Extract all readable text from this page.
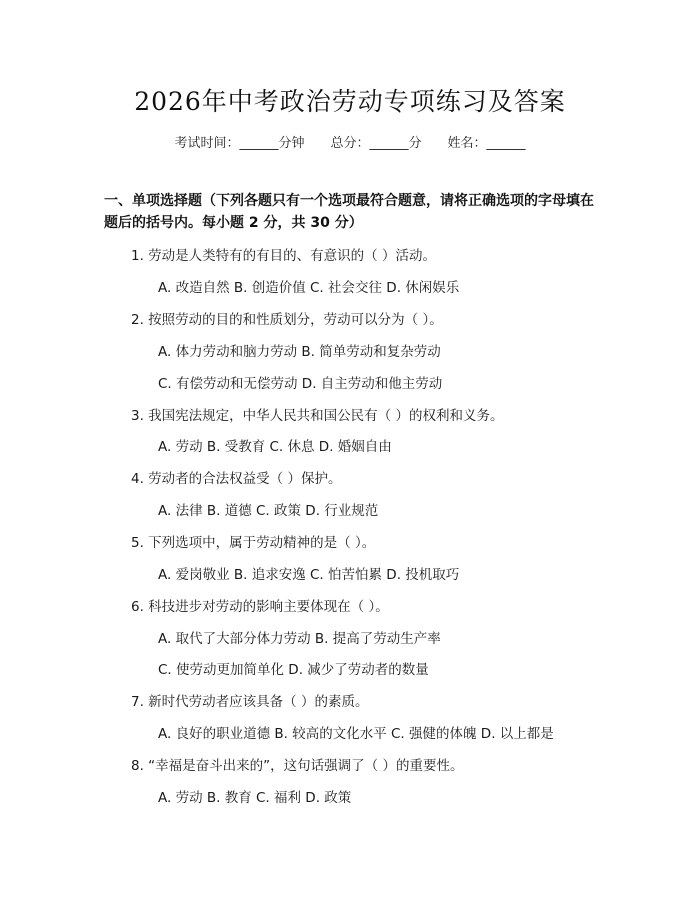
2026年中考政治劳动专项练习及答案
考试时间：______分钟 总分：______分 姓名：______
一、单项选择题（下列各题只有一个选项最符合题意，请将正确选项的字母填在题后的括号内。每小题 2 分，共 30 分）
1. 劳动是人类特有的有目的、有意识的（ ）活动。
A. 改造自然 B. 创造价值 C. 社会交往 D. 休闲娱乐
2. 按照劳动的目的和性质划分，劳动可以分为（ ）。
A. 体力劳动和脑力劳动 B. 简单劳动和复杂劳动
C. 有偿劳动和无偿劳动 D. 自主劳动和他主劳动
3. 我国宪法规定，中华人民共和国公民有（ ）的权利和义务。
A. 劳动 B. 受教育 C. 休息 D. 婚姻自由
4. 劳动者的合法权益受（ ）保护。
A. 法律 B. 道德 C. 政策 D. 行业规范
5. 下列选项中，属于劳动精神的是（ ）。
A. 爱岗敬业 B. 追求安逸 C. 怕苦怕累 D. 投机取巧
6. 科技进步对劳动的影响主要体现在（ ）。
A. 取代了大部分体力劳动 B. 提高了劳动生产率
C. 使劳动更加简单化 D. 减少了劳动者的数量
7. 新时代劳动者应该具备（ ）的素质。
A. 良好的职业道德 B. 较高的文化水平 C. 强健的体魄 D. 以上都是
8. “幸福是奋斗出来的”，这句话强调了（ ）的重要性。
A. 劳动 B. 教育 C. 福利 D. 政策
